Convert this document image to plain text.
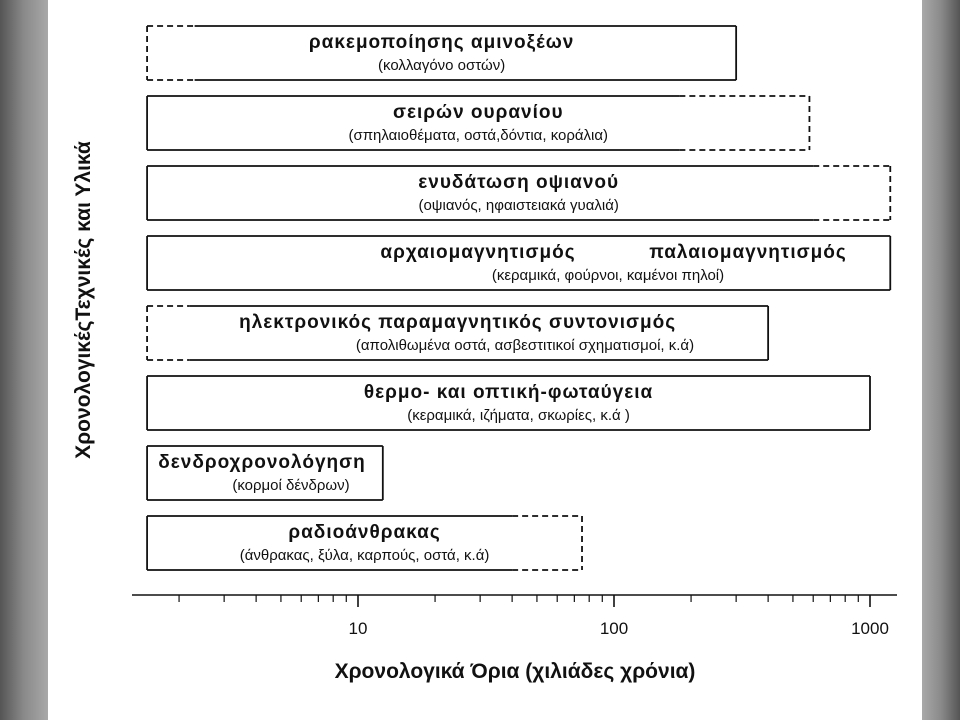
ρακεμοποίησης αμινοξέων
(κολλαγόνο οστών)
σειρών ουρανίου
(σπηλαιοθέματα, οστά,δόντια, κοράλια)
ενυδάτωση οψιανού
(οψιανός, ηφαιστειακά γυαλιά)
αρχαιομαγνητισμός	παλαιομαγνητισμός
(κεραμικά, φούρνοι, καμένοι πηλοί)
ηλεκτρονικός παραμαγνητικός συντονισμός
(απολιθωμένα οστά, ασβεστιτικοί σχηματισμοί, κ.ά)
θερμο- και οπτική-φωταύγεια
(κεραμικά, ιζήματα, σκωρίες, κ.ά )
δενδροχρονολόγηση
(κορμοί δένδρων)
ραδιοάνθρακας
(άνθρακας, ξύλα, καρπούς, οστά, κ.ά)
10	100	1000
Χρονολογικά Όρια (χιλιάδες χρόνια)
ΧρονολογικέςΤεχνικές και Υλικά
